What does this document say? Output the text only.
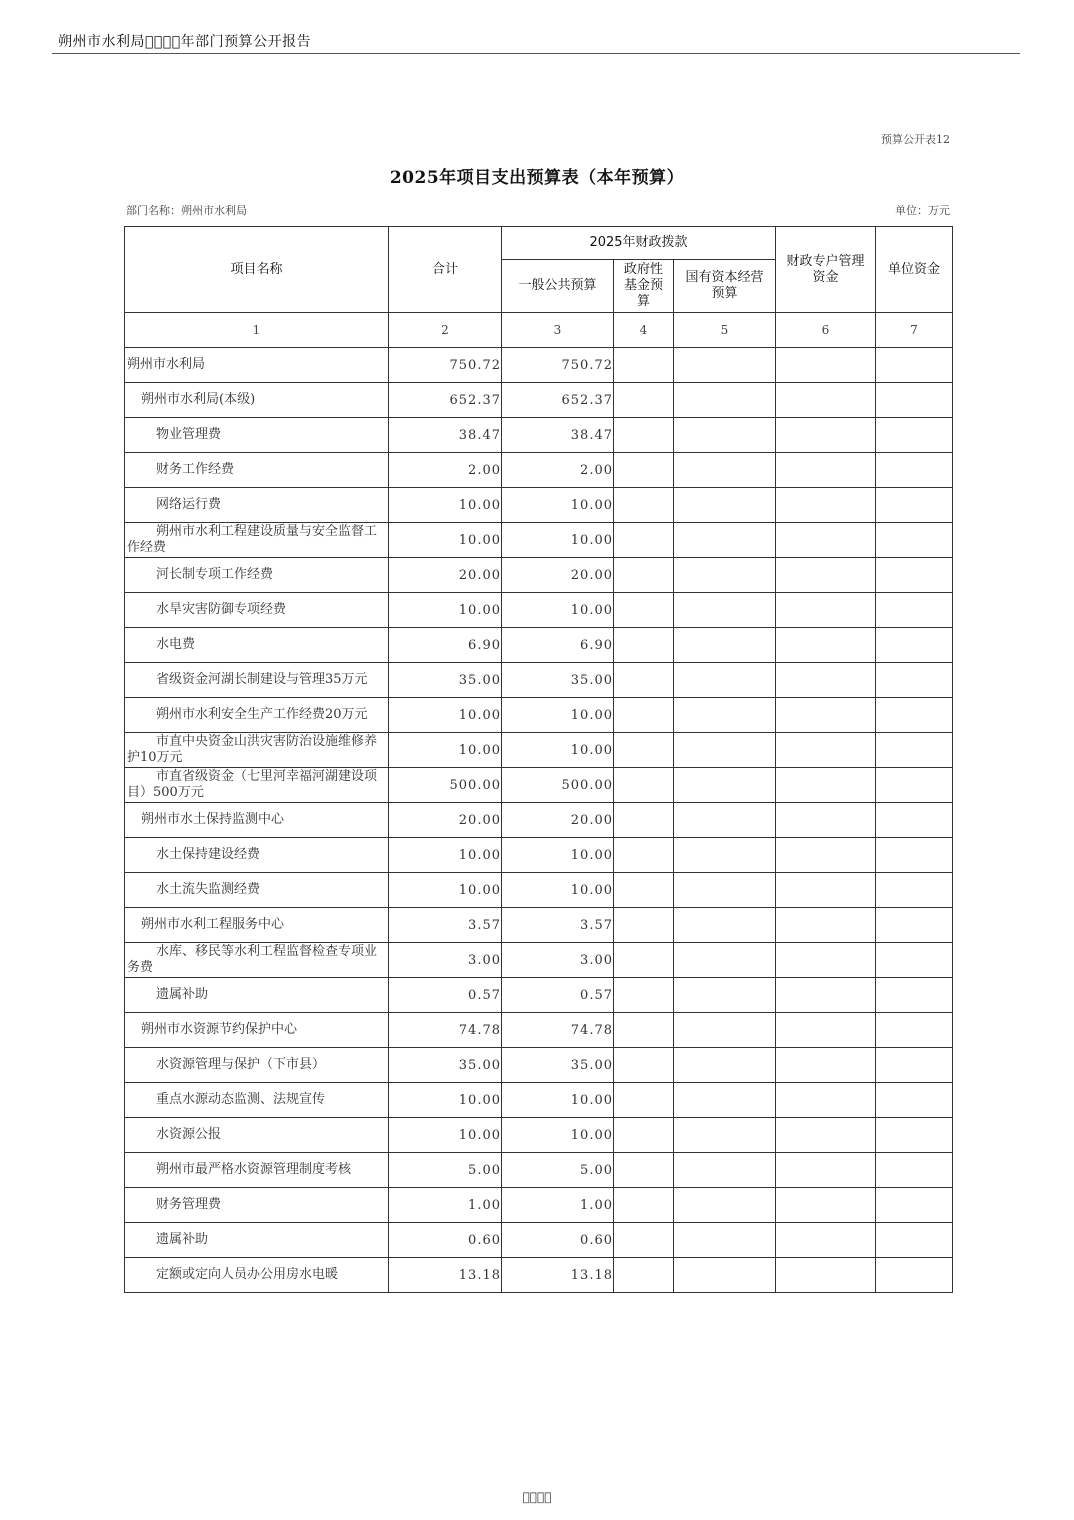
朔州市水利局    年部门预算公开报告
预算公开表12
2025年项目支出预算表（本年预算）
部门名称：朔州市水利局	单位：万元
项目名称	合计	2025年财政拨款			财政专户管理资金	单位资金
		一般公共预算	政府性基金预算	国有资本经营预算		
1	2	3	4	5	6	7
朔州市水利局	750.72	750.72				
朔州市水利局(本级)	652.37	652.37				
物业管理费	38.47	38.47				
财务工作经费	2.00	2.00				
网络运行费	10.00	10.00				
朔州市水利工程建设质量与安全监督工作经费	10.00	10.00				
河长制专项工作经费	20.00	20.00				
水旱灾害防御专项经费	10.00	10.00				
水电费	6.90	6.90				
省级资金河湖长制建设与管理35万元	35.00	35.00				
朔州市水利安全生产工作经费20万元	10.00	10.00				
市直中央资金山洪灾害防治设施维修养护10万元	10.00	10.00				
市直省级资金（七里河幸福河湖建设项目）500万元	500.00	500.00				
朔州市水土保持监测中心	20.00	20.00				
水土保持建设经费	10.00	10.00				
水土流失监测经费	10.00	10.00				
朔州市水利工程服务中心	3.57	3.57				
水库、移民等水利工程监督检查专项业务费	3.00	3.00				
遗属补助	0.57	0.57				
朔州市水资源节约保护中心	74.78	74.78				
水资源管理与保护（下市县）	35.00	35.00				
重点水源动态监测、法规宣传	10.00	10.00				
水资源公报	10.00	10.00				
朔州市最严格水资源管理制度考核	5.00	5.00				
财务管理费	1.00	1.00				
遗属补助	0.60	0.60				
定额或定向人员办公用房水电暖	13.18	13.18				
    
